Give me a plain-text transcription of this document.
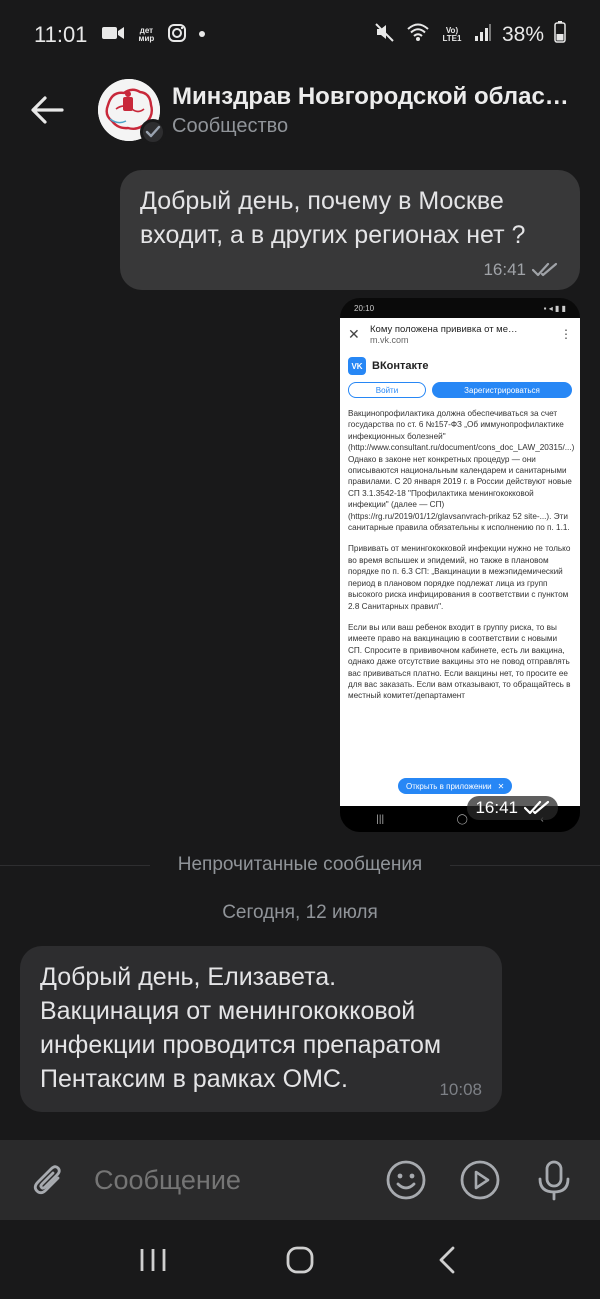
11:01	дет мир
Vo) LTE1 38%
Минздрав Новгородской облас…
Сообщество
Добрый день, почему в Москве входит, а в других регионах нет ?
16:41
20:10	▪ ◂ ▮ ▮
✕	Кому положена прививка от ме…
m.vk.com	⋮
VK ВКонтакте
Войти	Зарегистрироваться
Вакцинопрофилактика должна обеспечиваться за счет государства по ст. 6 №157-ФЗ „Об иммунопрофилактике инфекционных болезней" (http://www.consultant.ru/document/cons_doc_LAW_20315/...) Однако в законе нет конкретных процедур — они описываются национальным календарем и санитарными правилами. С 20 января 2019 г. в России действуют новые СП 3.1.3542-18 "Профилактика менингококковой инфекции" (далее — СП) (https://rg.ru/2019/01/12/glavsanvrach-prikaz 52 site-...). Эти санитарные правила обязательны к исполнению по п. 1.1.
Прививать от менингококковой инфекции нужно не только во время вспышек и эпидемий, но также в плановом порядке по п. 6.3 СП: „Вакцинации в межэпидемический период в плановом порядке подлежат лица из групп высокого риска инфицирования в соответствии с пунктом 2.8 Санитарных правил".
Если вы или ваш ребенок входит в группу риска, то вы имеете право на вакцинацию в соответствии с новыми СП. Спросите в прививочном кабинете, есть ли вакцина, однако даже отсутствие вакцины это не повод отправлять вас прививаться платно. Если вакцины нет, то просите ее для вас заказать. Если вам отказывают, то обращайтесь в местный комитет/департамент
Открыть в приложении ✕
|||	◯
16:41
Непрочитанные сообщения
Сегодня, 12 июля
Добрый день, Елизавета. Вакцинация от менингококковой инфекции проводится препаратом Пентаксим в рамках ОМС.	10:08
Сообщение
